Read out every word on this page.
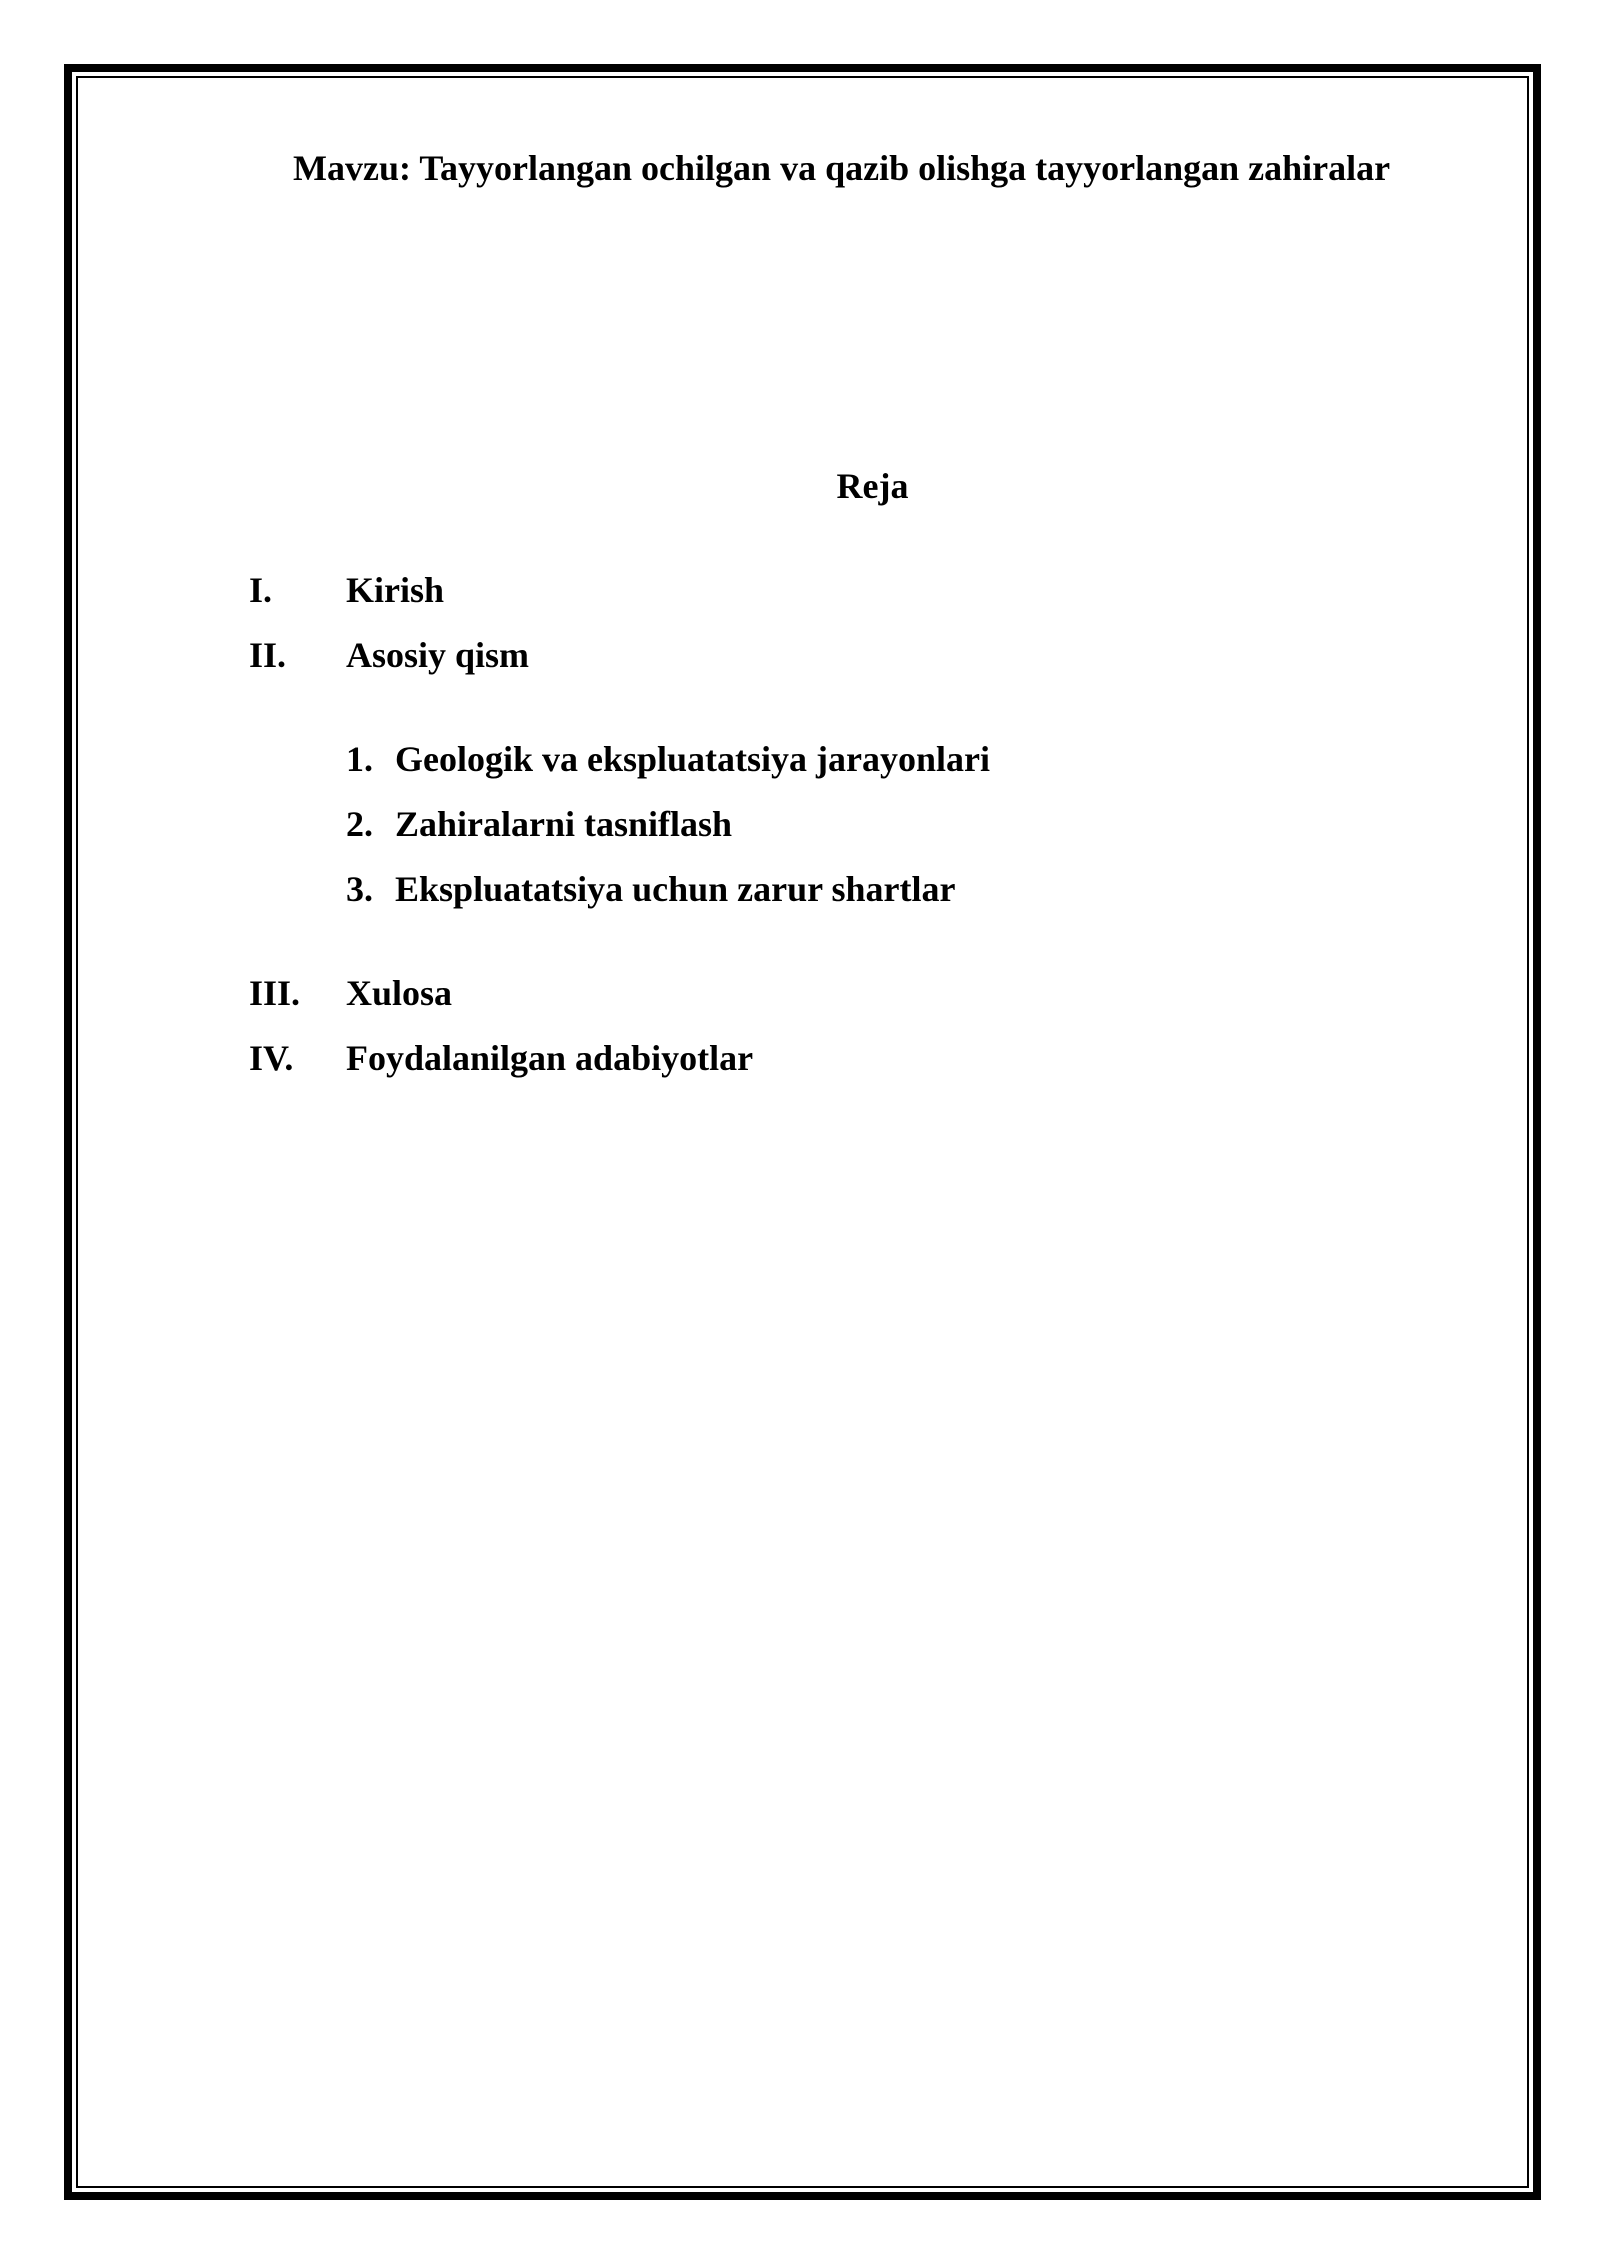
Mavzu: Tayyorlangan ochilgan va qazib olishga tayyorlangan zahiralar
Reja
I. Kirish
II. Asosiy qism
1. Geologik va ekspluatatsiya jarayonlari
2. Zahiralarni tasniflash
3. Ekspluatatsiya uchun zarur shartlar
III. Xulosa
IV. Foydalanilgan adabiyotlar
